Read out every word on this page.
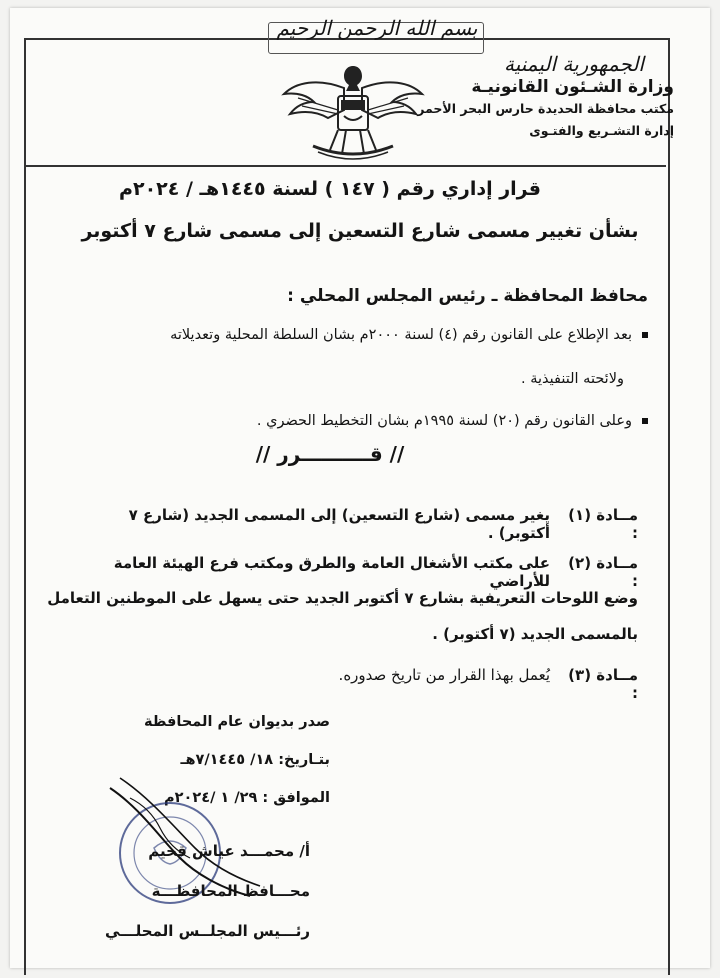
بسم الله الرحمن الرحيم
الجمهورية اليمنية
وزارة الشـئون القانونيـة
مكتب محافظة الحديدة حارس البحر الأحمر
إدارة التشـريع والفتـوى
قرار إداري رقم ( ١٤٧ ) لسنة ١٤٤٥هـ / ٢٠٢٤م
بشأن تغيير مسمى شارع التسعين إلى مسمى شارع ٧ أكتوبر
محافظ المحافظة ـ رئيس المجلس المحلي :
بعد الإطلاع على القانون رقم (٤) لسنة ٢٠٠٠م بشان السلطة المحلية وتعديلاته
ولائحته التنفيذية .
وعلى القانون رقم (٢٠) لسنة ١٩٩٥م بشان التخطيط الحضري .
// قــــــــــرر //
مــادة (١) :
يغير مسمى (شارع التسعين) إلى المسمى الجديد (شارع ٧ أكتوبر) .
مــادة (٢) :
على مكتب الأشغال العامة والطرق ومكتب فرع الهيئة العامة للأراضي
وضع اللوحات التعريفية بشارع ٧ أكتوبر الجديد حتى يسهل على الموطنين التعامل
بالمسمى الجديد (٧ أكتوبر) .
مــادة (٣) :
يُعمل بهذا القرار من تاريخ صدوره.
صدر بديوان عام المحافظة
بتـاريخ: ١٨/ ٧/١٤٤٥هـ
الموافق : ٢٩/ ١ /٢٠٢٤م
أ/ محمـــد عياش قحيم
محـــافظ المحافظـــة
رئـــيس المجلــس المحلـــي
